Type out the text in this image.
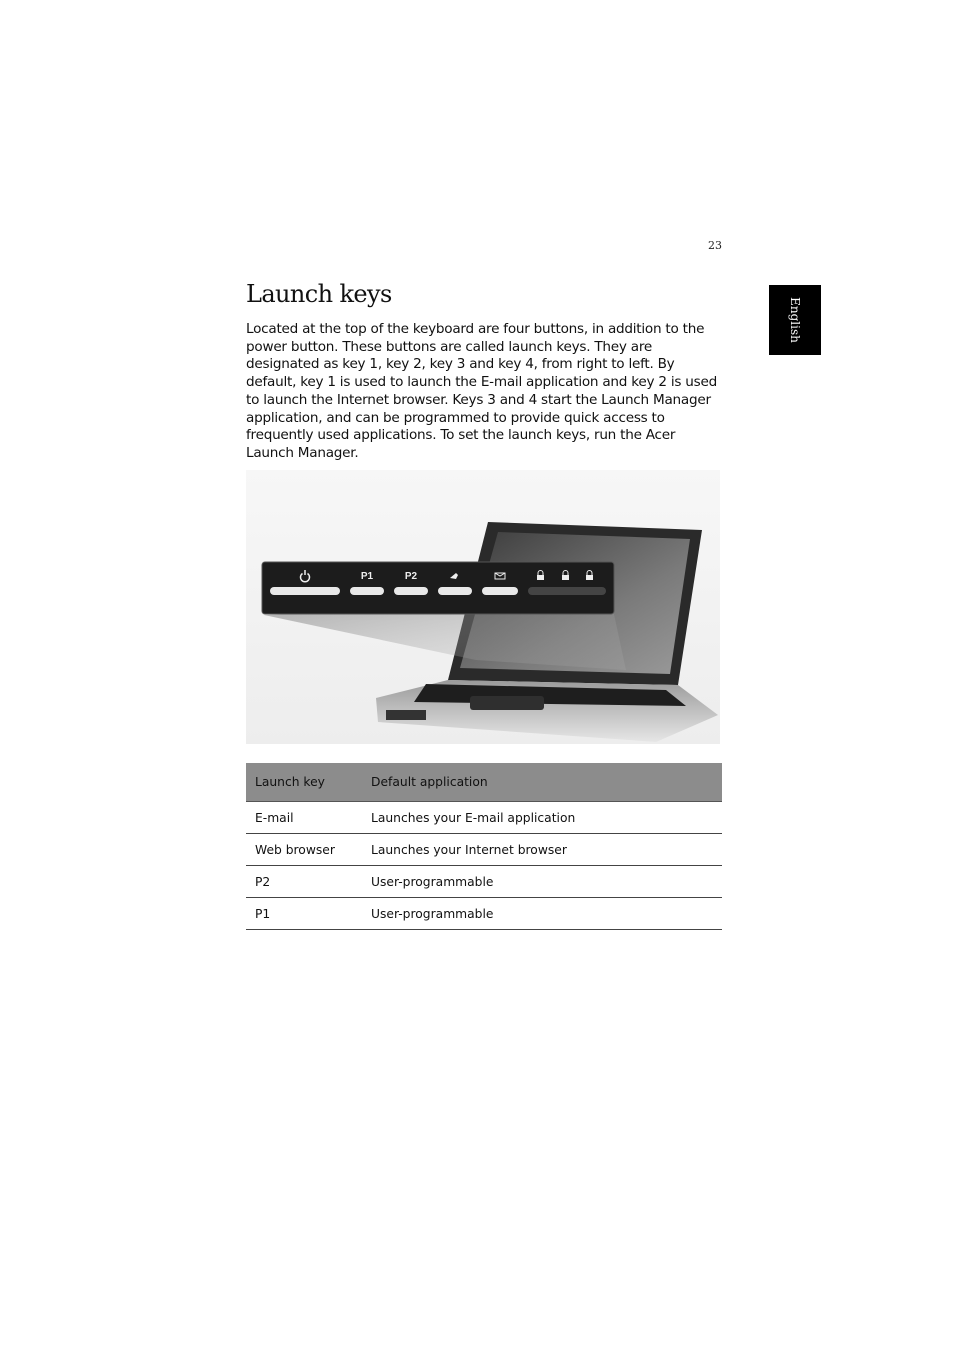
23
English
Launch keys

Located at the top of the keyboard are four buttons, in addition to the power button. These buttons are called launch keys. They are designated as key 1, key 2, key 3 and key 4, from right to left. By default, key 1 is used to launch the E-mail application and key 2 is used to launch the Internet browser. Keys 3 and 4 start the Launch Manager application, and can be programmed to provide quick access to frequently used applications. To set the launch keys, run the Acer Launch Manager.

P1	P2
Launch key	Default application
E-mail	Launches your E-mail application
Web browser	Launches your Internet browser
P2	User-programmable
P1	User-programmable
